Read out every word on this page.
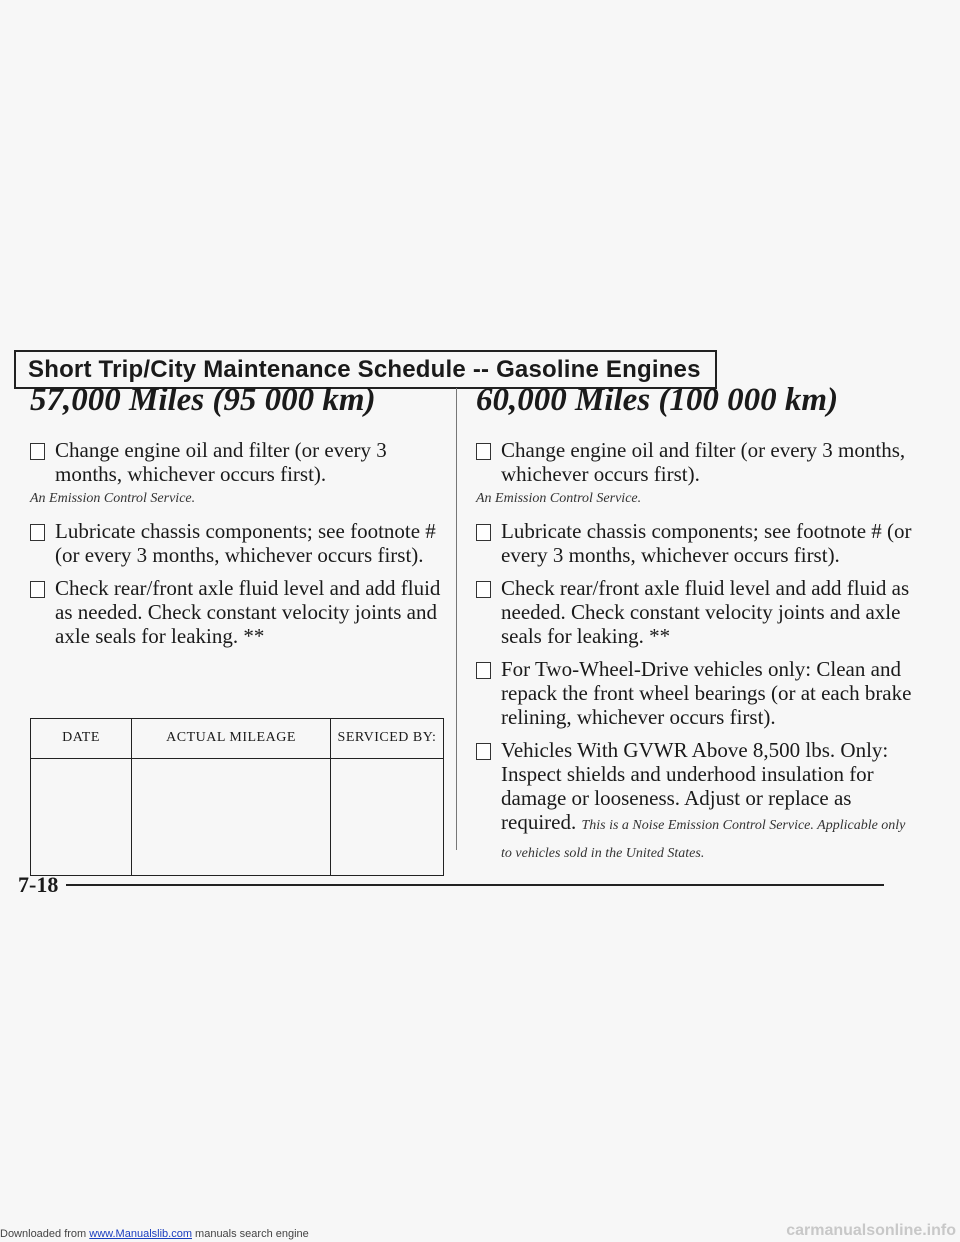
Short Trip/City Maintenance Schedule -- Gasoline Engines
57,000 Miles (95 000 km)
Change engine oil and filter (or every 3 months, whichever occurs first).
An Emission Control Service.
Lubricate chassis components; see footnote # (or every 3 months, whichever occurs first).
Check rear/front axle fluid level and add fluid as needed. Check constant velocity joints and axle seals for leaking. **
DATE	ACTUAL MILEAGE	SERVICED BY:

60,000 Miles (100 000 km)
Change engine oil and filter (or every 3 months, whichever occurs first).
An Emission Control Service.
Lubricate chassis components; see footnote # (or every 3 months, whichever occurs first).
Check rear/front axle fluid level and add fluid as needed. Check constant velocity joints and axle seals for leaking. **
For Two-Wheel-Drive vehicles only: Clean and repack the front wheel bearings (or at each brake relining, whichever occurs first).
Vehicles With GVWR Above 8,500 lbs. Only: Inspect shields and underhood insulation for damage or looseness. Adjust or replace as required. This is a Noise Emission Control Service. Applicable only to vehicles sold in the United States.
7-18
Downloaded from www.Manualslib.com manuals search engine	carmanualsonline.info
